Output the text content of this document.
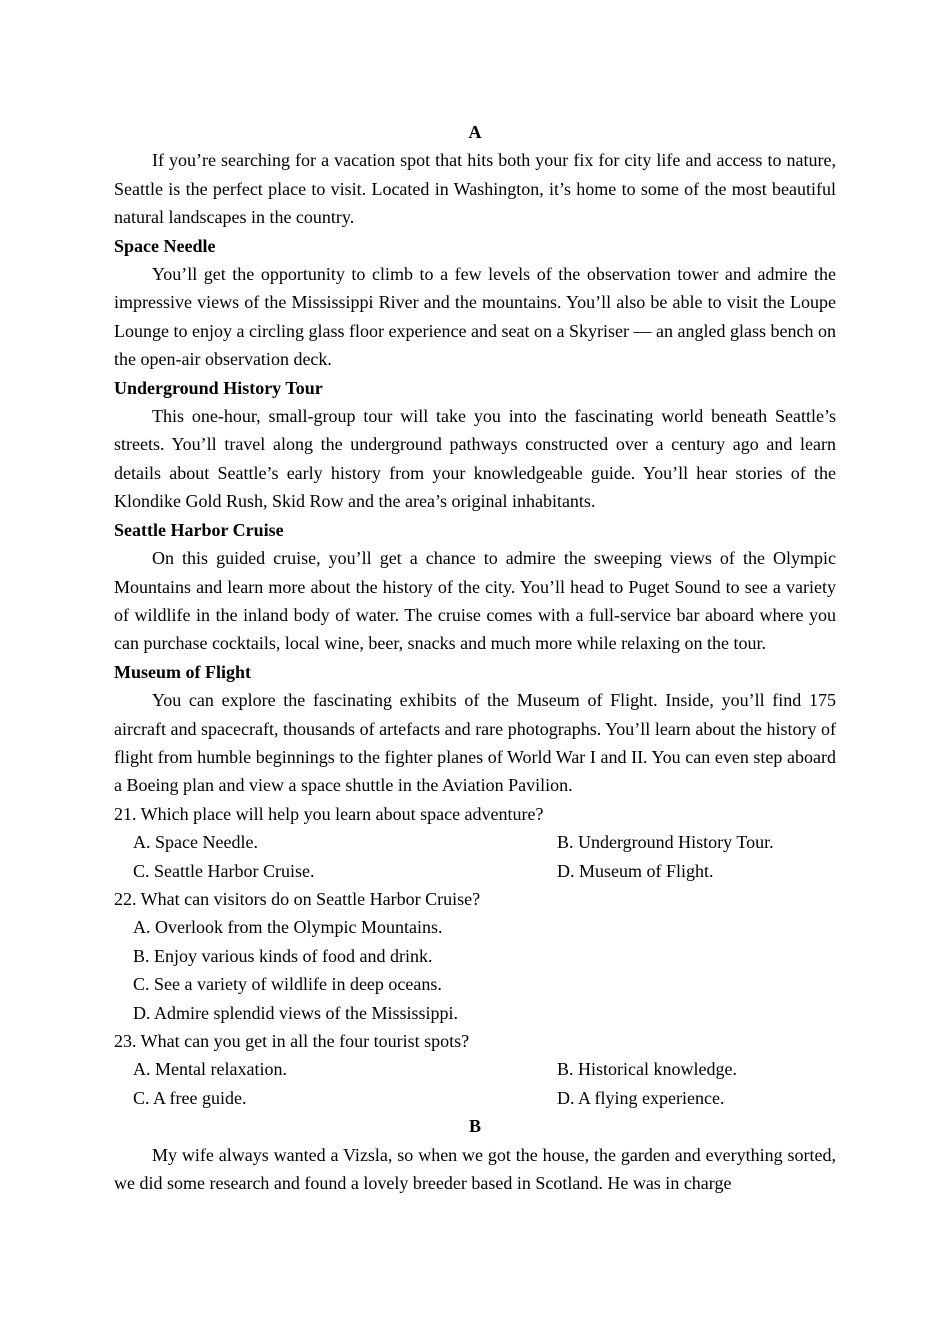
A

If you’re searching for a vacation spot that hits both your fix for city life and access to nature, Seattle is the perfect place to visit. Located in Washington, it’s home to some of the most beautiful natural landscapes in the country.

Space Needle

You’ll get the opportunity to climb to a few levels of the observation tower and admire the impressive views of the Mississippi River and the mountains. You’ll also be able to visit the Loupe Lounge to enjoy a circling glass floor experience and seat on a Skyriser — an angled glass bench on the open-air observation deck.

Underground History Tour

This one-hour, small-group tour will take you into the fascinating world beneath Seattle’s streets. You’ll travel along the underground pathways constructed over a century ago and learn details about Seattle’s early history from your knowledgeable guide. You’ll hear stories of the Klondike Gold Rush, Skid Row and the area’s original inhabitants.

Seattle Harbor Cruise

On this guided cruise, you’ll get a chance to admire the sweeping views of the Olympic Mountains and learn more about the history of the city. You’ll head to Puget Sound to see a variety of wildlife in the inland body of water. The cruise comes with a full-service bar aboard where you can purchase cocktails, local wine, beer, snacks and much more while relaxing on the tour.

Museum of Flight

You can explore the fascinating exhibits of the Museum of Flight. Inside, you’ll find 175 aircraft and spacecraft, thousands of artefacts and rare photographs. You’ll learn about the history of flight from humble beginnings to the fighter planes of World War I and II. You can even step aboard a Boeing plan and view a space shuttle in the Aviation Pavilion.

21. Which place will help you learn about space adventure?

A. Space Needle.	B. Underground History Tour.
C. Seattle Harbor Cruise.	D. Museum of Flight.

22. What can visitors do on Seattle Harbor Cruise?

A. Overlook from the Olympic Mountains.

B. Enjoy various kinds of food and drink.

C. See a variety of wildlife in deep oceans.

D. Admire splendid views of the Mississippi.

23. What can you get in all the four tourist spots?

A. Mental relaxation.	B. Historical knowledge.
C. A free guide.	D. A flying experience.

B

My wife always wanted a Vizsla, so when we got the house, the garden and everything sorted, we did some research and found a lovely breeder based in Scotland. He was in charge
